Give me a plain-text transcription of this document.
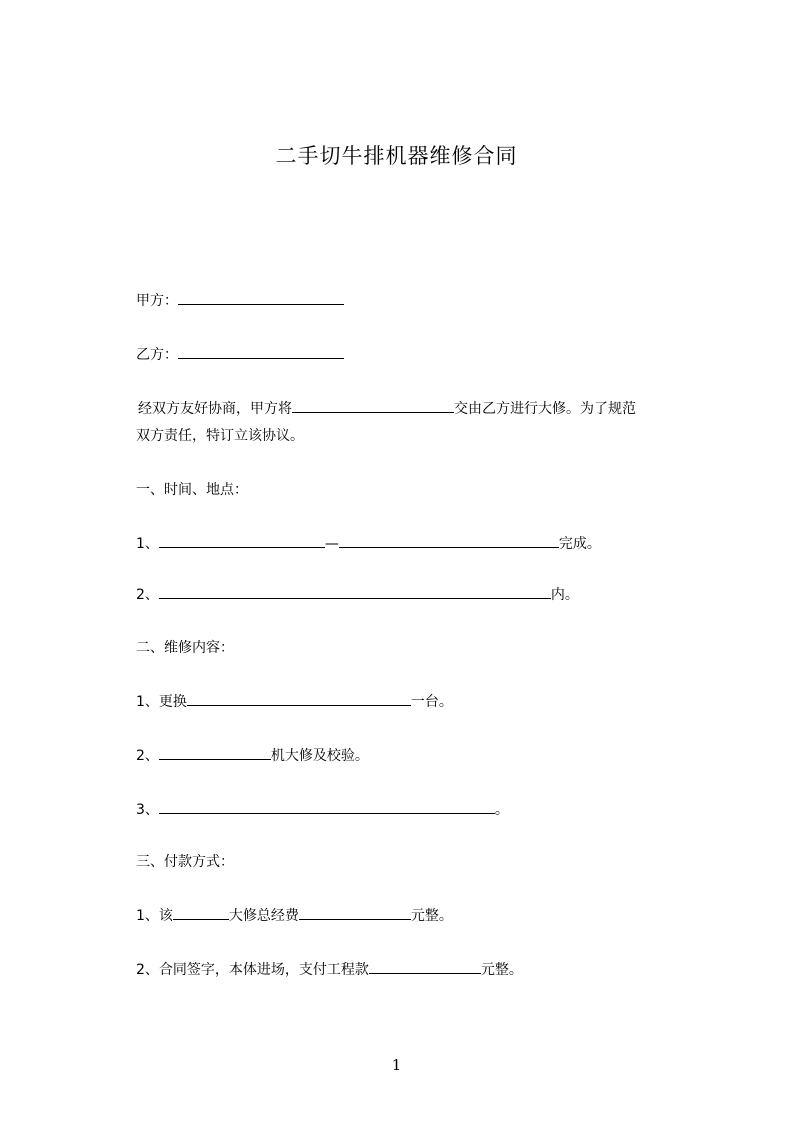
二手切牛排机器维修合同
甲方：
乙方：
经双方友好协商，甲方将	交由乙方进行大修。为了规范
双方责任，特订立该协议。
一、时间、地点：
1、	—	完成。
2、	内。
二、维修内容：
1、更换	一台。
2、	机大修及校验。
3、	。
三、付款方式：
1、该	大修总经费	元整。
2、合同签字，本体进场，支付工程款	元整。
1
